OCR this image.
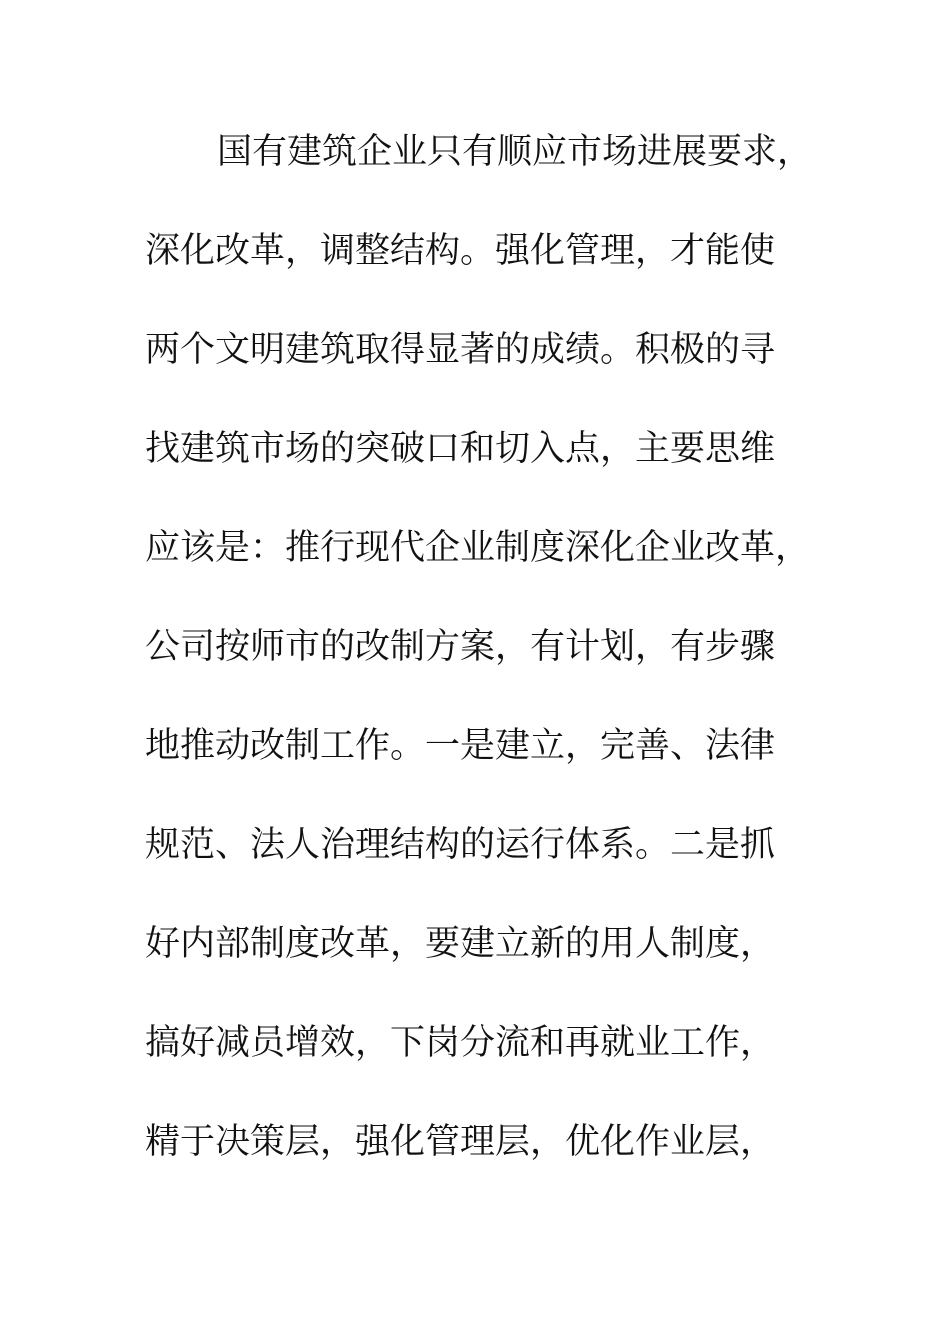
国有建筑企业只有顺应市场进展要求，
深化改革，调整结构。强化管理，才能使
两个文明建筑取得显著的成绩。积极的寻
找建筑市场的突破口和切入点，主要思维
应该是：推行现代企业制度深化企业改革，
公司按师市的改制方案，有计划，有步骤
地推动改制工作。一是建立，完善、法律
规范、法人治理结构的运行体系。二是抓
好内部制度改革，要建立新的用人制度，
搞好减员增效，下岗分流和再就业工作，
精于决策层，强化管理层，优化作业层，
